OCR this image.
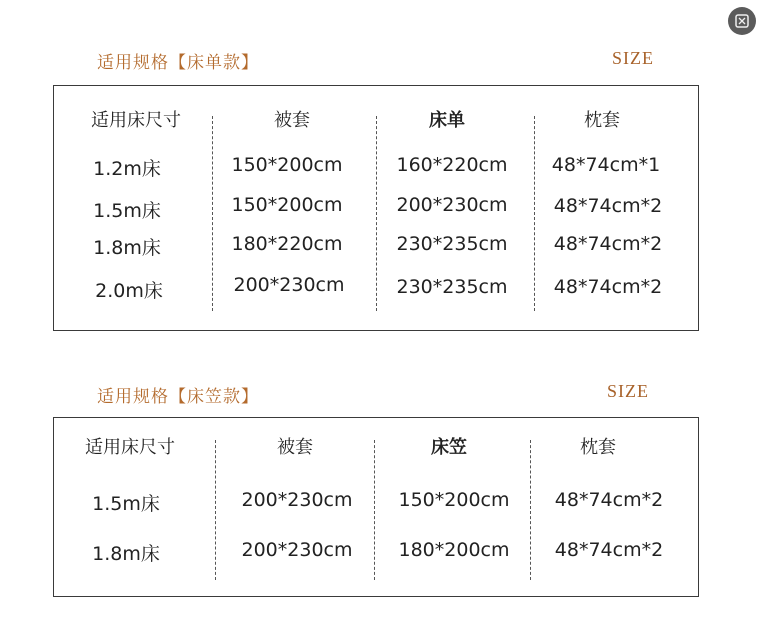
适用规格【床单款】	SIZE
适用床尺寸	被套	床单	枕套
1.2m床	150*200cm	160*220cm 48*74cm*1
1.5m床	150*200cm	200*230cm 48*74cm*2
1.8m床	180*220cm	230*235cm 48*74cm*2
2.0m床	200*230cm	230*235cm 48*74cm*2
适用规格【床笠款】	SIZE
适用床尺寸	被套	床笠	枕套
1.5m床	200*230cm 150*200cm 48*74cm*2
1.8m床	200*230cm 180*200cm 48*74cm*2
